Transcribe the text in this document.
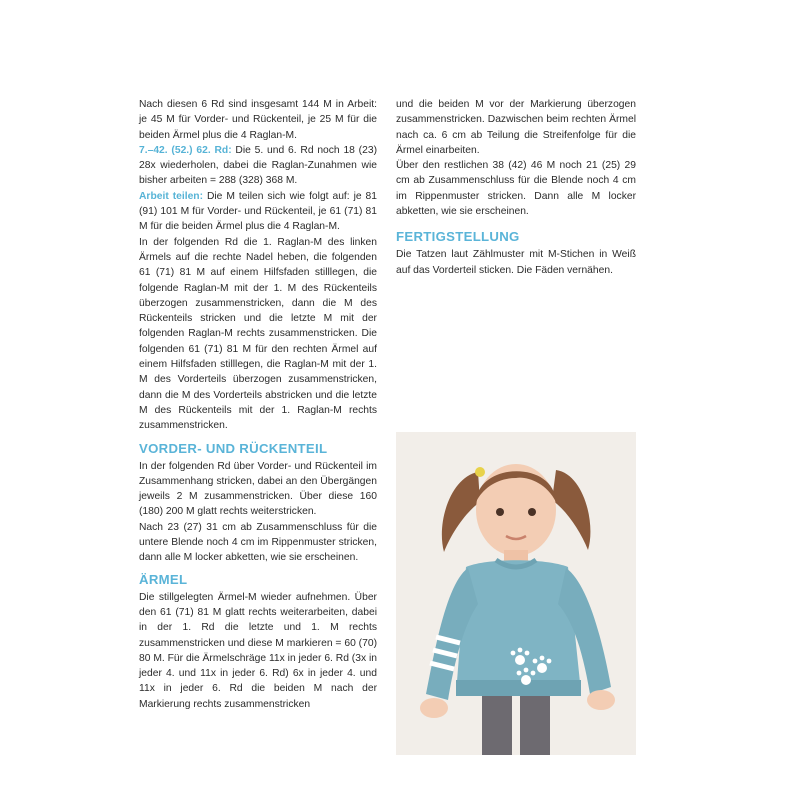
Nach diesen 6 Rd sind insgesamt 144 M in Arbeit: je 45 M für Vorder- und Rückenteil, je 25 M für die beiden Ärmel plus die 4 Raglan-M.

7.–42. (52.) 62. Rd: Die 5. und 6. Rd noch 18 (23) 28x wiederholen, dabei die Raglan-Zunahmen wie bisher arbeiten = 288 (328) 368 M.

Arbeit teilen: Die M teilen sich wie folgt auf: je 81 (91) 101 M für Vorder- und Rückenteil, je 61 (71) 81 M für die beiden Ärmel plus die 4 Raglan-M.

In der folgenden Rd die 1. Raglan-M des linken Ärmels auf die rechte Nadel heben, die folgenden 61 (71) 81 M auf einem Hilfsfaden stilllegen, die folgende Raglan-M mit der 1. M des Rückenteils überzogen zusammenstricken, dann die M des Rückenteils stricken und die letzte M mit der folgenden Raglan-M rechts zusammenstricken. Die folgenden 61 (71) 81 M für den rechten Ärmel auf einem Hilfsfaden stilllegen, die Raglan-M mit der 1. M des Vorderteils überzogen zusammenstricken, dann die M des Vorderteils abstricken und die letzte M des Rückenteils mit der 1. Raglan-M rechts zusammenstricken.

VORDER- UND RÜCKENTEIL

In der folgenden Rd über Vorder- und Rückenteil im Zusammenhang stricken, dabei an den Übergängen jeweils 2 M zusammenstricken. Über diese 160 (180) 200 M glatt rechts weiterstricken.

Nach 23 (27) 31 cm ab Zusammenschluss für die untere Blende noch 4 cm im Rippenmuster stricken, dann alle M locker abketten, wie sie erscheinen.

ÄRMEL

Die stillgelegten Ärmel-M wieder aufnehmen. Über den 61 (71) 81 M glatt rechts weiterarbeiten, dabei in der 1. Rd die letzte und 1. M rechts zusammenstricken und diese M markieren = 60 (70) 80 M. Für die Ärmelschräge 11x in jeder 6. Rd (3x in jeder 4. und 11x in jeder 6. Rd) 6x in jeder 4. und 11x in jeder 6. Rd die beiden M nach der Markierung rechts zusammenstricken

und die beiden M vor der Markierung überzogen zusammenstricken. Dazwischen beim rechten Ärmel nach ca. 6 cm ab Teilung die Streifenfolge für die Ärmel einarbeiten.

Über den restlichen 38 (42) 46 M noch 21 (25) 29 cm ab Zusammenschluss für die Blende noch 4 cm im Rippenmuster stricken. Dann alle M locker abketten, wie sie erscheinen.

FERTIGSTELLUNG

Die Tatzen laut Zählmuster mit M-Stichen in Weiß auf das Vorderteil sticken. Die Fäden vernähen.
